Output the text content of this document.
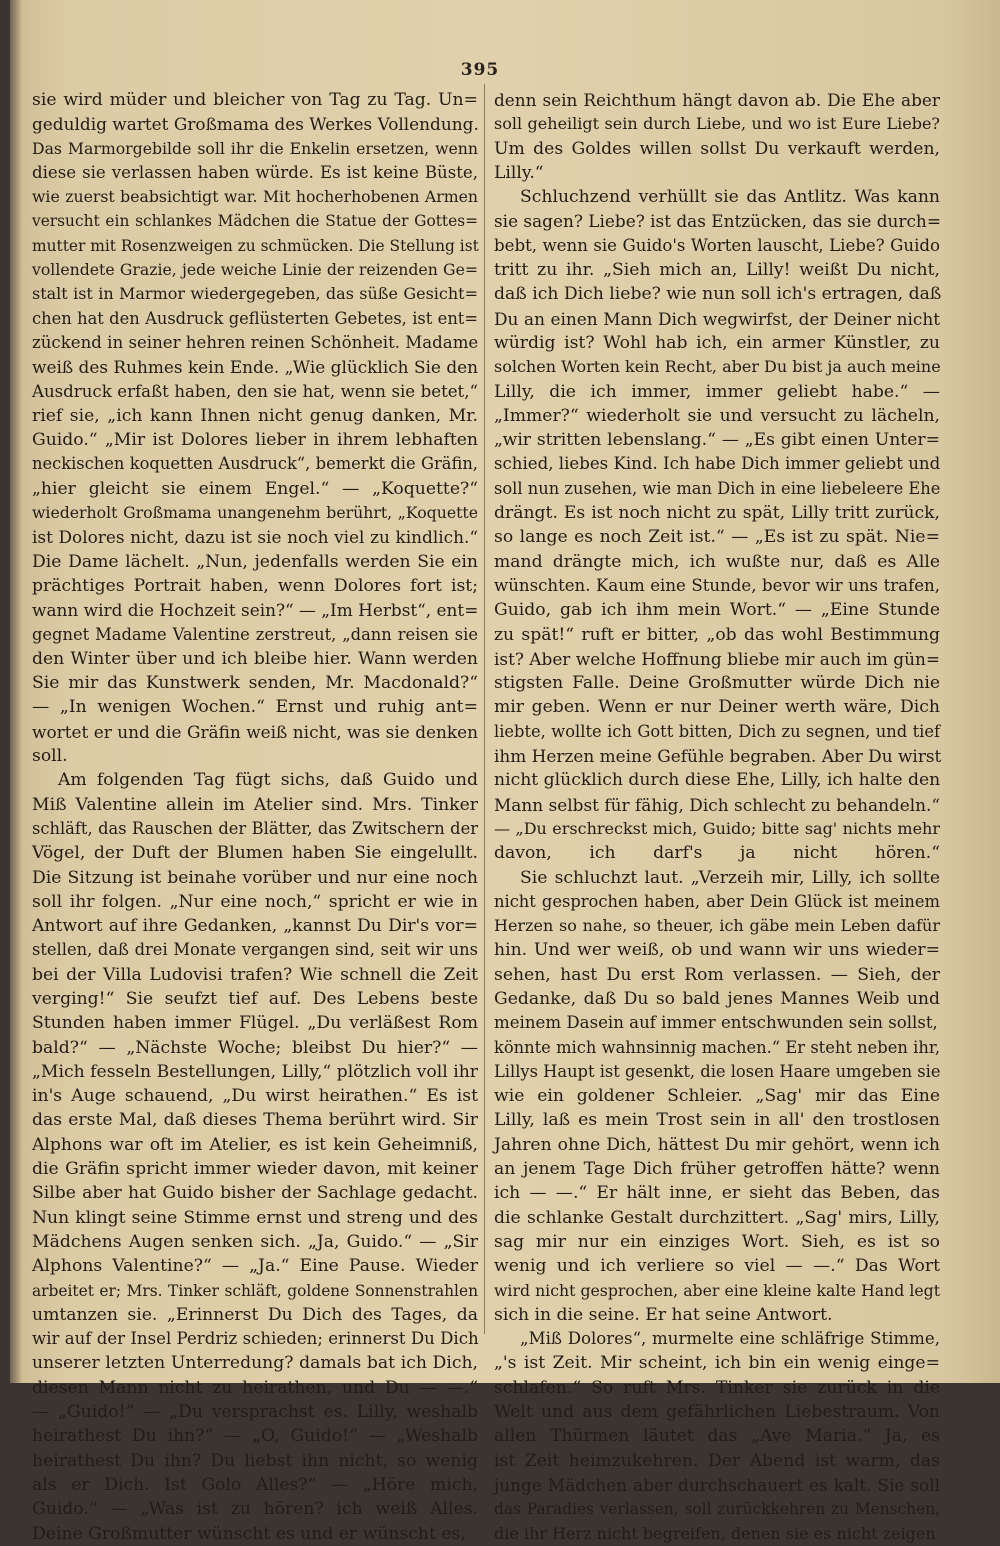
395
sie wird müder und bleicher von Tag zu Tag. Un=
geduldig wartet Großmama des Werkes Vollendung.
Das Marmorgebilde soll ihr die Enkelin ersetzen, wenn
diese sie verlassen haben würde. Es ist keine Büste,
wie zuerst beabsichtigt war. Mit hocherhobenen Armen
versucht ein schlankes Mädchen die Statue der Gottes=
mutter mit Rosenzweigen zu schmücken. Die Stellung ist
vollendete Grazie, jede weiche Linie der reizenden Ge=
stalt ist in Marmor wiedergegeben, das süße Gesicht=
chen hat den Ausdruck geflüsterten Gebetes, ist ent=
zückend in seiner hehren reinen Schönheit. Madame
weiß des Ruhmes kein Ende. „Wie glücklich Sie den
Ausdruck erfaßt haben, den sie hat, wenn sie betet,“
rief sie, „ich kann Ihnen nicht genug danken, Mr.
Guido.“ „Mir ist Dolores lieber in ihrem lebhaften
neckischen koquetten Ausdruck“, bemerkt die Gräfin,
„hier gleicht sie einem Engel.“ — „Koquette?“
wiederholt Großmama unangenehm berührt, „Koquette
ist Dolores nicht, dazu ist sie noch viel zu kindlich.“
Die Dame lächelt. „Nun, jedenfalls werden Sie ein
prächtiges Portrait haben, wenn Dolores fort ist;
wann wird die Hochzeit sein?“ — „Im Herbst“, ent=
gegnet Madame Valentine zerstreut, „dann reisen sie
den Winter über und ich bleibe hier. Wann werden
Sie mir das Kunstwerk senden, Mr. Macdonald?“
— „In wenigen Wochen.“ Ernst und ruhig ant=
wortet er und die Gräfin weiß nicht, was sie denken
soll.
Am folgenden Tag fügt sichs, daß Guido und
Miß Valentine allein im Atelier sind. Mrs. Tinker
schläft, das Rauschen der Blätter, das Zwitschern der
Vögel, der Duft der Blumen haben Sie eingelullt.
Die Sitzung ist beinahe vorüber und nur eine noch
soll ihr folgen. „Nur eine noch,“ spricht er wie in
Antwort auf ihre Gedanken, „kannst Du Dir's vor=
stellen, daß drei Monate vergangen sind, seit wir uns
bei der Villa Ludovisi trafen? Wie schnell die Zeit
verging!“ Sie seufzt tief auf. Des Lebens beste
Stunden haben immer Flügel. „Du verläßest Rom
bald?“ — „Nächste Woche; bleibst Du hier?“ —
„Mich fesseln Bestellungen, Lilly,“ plötzlich voll ihr
in's Auge schauend, „Du wirst heirathen.“ Es ist
das erste Mal, daß dieses Thema berührt wird. Sir
Alphons war oft im Atelier, es ist kein Geheimniß,
die Gräfin spricht immer wieder davon, mit keiner
Silbe aber hat Guido bisher der Sachlage gedacht.
Nun klingt seine Stimme ernst und streng und des
Mädchens Augen senken sich. „Ja, Guido.“ — „Sir
Alphons Valentine?“ — „Ja.“ Eine Pause. Wieder
arbeitet er; Mrs. Tinker schläft, goldene Sonnenstrahlen
umtanzen sie. „Erinnerst Du Dich des Tages, da
wir auf der Insel Perdriz schieden; erinnerst Du Dich
unserer letzten Unterredung? damals bat ich Dich,
diesen Mann nicht zu heirathen, und Du — —.“
— „Guido!“ — „Du versprachst es. Lilly, weshalb
heirathest Du ihn?“ — „O, Guido!“ — „Weshalb
heirathest Du ihn? Du liebst ihn nicht, so wenig
als er Dich. Ist Golo Alles?“ — „Höre mich,
Guido.“ — „Was ist zu hören? ich weiß Alles.
Deine Großmutter wünscht es und er wünscht es,
denn sein Reichthum hängt davon ab. Die Ehe aber
soll geheiligt sein durch Liebe, und wo ist Eure Liebe?
Um des Goldes willen sollst Du verkauft werden,
Lilly.“
Schluchzend verhüllt sie das Antlitz. Was kann
sie sagen? Liebe? ist das Entzücken, das sie durch=
bebt, wenn sie Guido's Worten lauscht, Liebe? Guido
tritt zu ihr. „Sieh mich an, Lilly! weißt Du nicht,
daß ich Dich liebe? wie nun soll ich's ertragen, daß
Du an einen Mann Dich wegwirfst, der Deiner nicht
würdig ist? Wohl hab ich, ein armer Künstler, zu
solchen Worten kein Recht, aber Du bist ja auch meine
Lilly, die ich immer, immer geliebt habe.“ —
„Immer?“ wiederholt sie und versucht zu lächeln,
„wir stritten lebenslang.“ — „Es gibt einen Unter=
schied, liebes Kind. Ich habe Dich immer geliebt und
soll nun zusehen, wie man Dich in eine liebeleere Ehe
drängt. Es ist noch nicht zu spät, Lilly tritt zurück,
so lange es noch Zeit ist.“ — „Es ist zu spät. Nie=
mand drängte mich, ich wußte nur, daß es Alle
wünschten. Kaum eine Stunde, bevor wir uns trafen,
Guido, gab ich ihm mein Wort.“ — „Eine Stunde
zu spät!“ ruft er bitter, „ob das wohl Bestimmung
ist? Aber welche Hoffnung bliebe mir auch im gün=
stigsten Falle. Deine Großmutter würde Dich nie
mir geben. Wenn er nur Deiner werth wäre, Dich
liebte, wollte ich Gott bitten, Dich zu segnen, und tief
ihm Herzen meine Gefühle begraben. Aber Du wirst
nicht glücklich durch diese Ehe, Lilly, ich halte den
Mann selbst für fähig, Dich schlecht zu behandeln.“
— „Du erschreckst mich, Guido; bitte sag' nichts mehr
davon, ich darf's ja nicht hören.“
Sie schluchzt laut. „Verzeih mir, Lilly, ich sollte
nicht gesprochen haben, aber Dein Glück ist meinem
Herzen so nahe, so theuer, ich gäbe mein Leben dafür
hin. Und wer weiß, ob und wann wir uns wieder=
sehen, hast Du erst Rom verlassen. — Sieh, der
Gedanke, daß Du so bald jenes Mannes Weib und
meinem Dasein auf immer entschwunden sein sollst,
könnte mich wahnsinnig machen.“ Er steht neben ihr,
Lillys Haupt ist gesenkt, die losen Haare umgeben sie
wie ein goldener Schleier. „Sag' mir das Eine
Lilly, laß es mein Trost sein in all' den trostlosen
Jahren ohne Dich, hättest Du mir gehört, wenn ich
an jenem Tage Dich früher getroffen hätte? wenn
ich — —.“ Er hält inne, er sieht das Beben, das
die schlanke Gestalt durchzittert. „Sag' mirs, Lilly,
sag mir nur ein einziges Wort. Sieh, es ist so
wenig und ich verliere so viel — —.“ Das Wort
wird nicht gesprochen, aber eine kleine kalte Hand legt
sich in die seine. Er hat seine Antwort.
„Miß Dolores“, murmelte eine schläfrige Stimme,
„'s ist Zeit. Mir scheint, ich bin ein wenig einge=
schlafen.“ So ruft Mrs. Tinker sie zurück in die
Welt und aus dem gefährlichen Liebestraum. Von
allen Thürmen läutet das „Ave Maria.“ Ja, es
ist Zeit heimzukehren. Der Abend ist warm, das
junge Mädchen aber durchschauert es kalt. Sie soll
das Paradies verlassen, soll zurückkehren zu Menschen,
die ihr Herz nicht begreifen, denen sie es nicht zeigen
